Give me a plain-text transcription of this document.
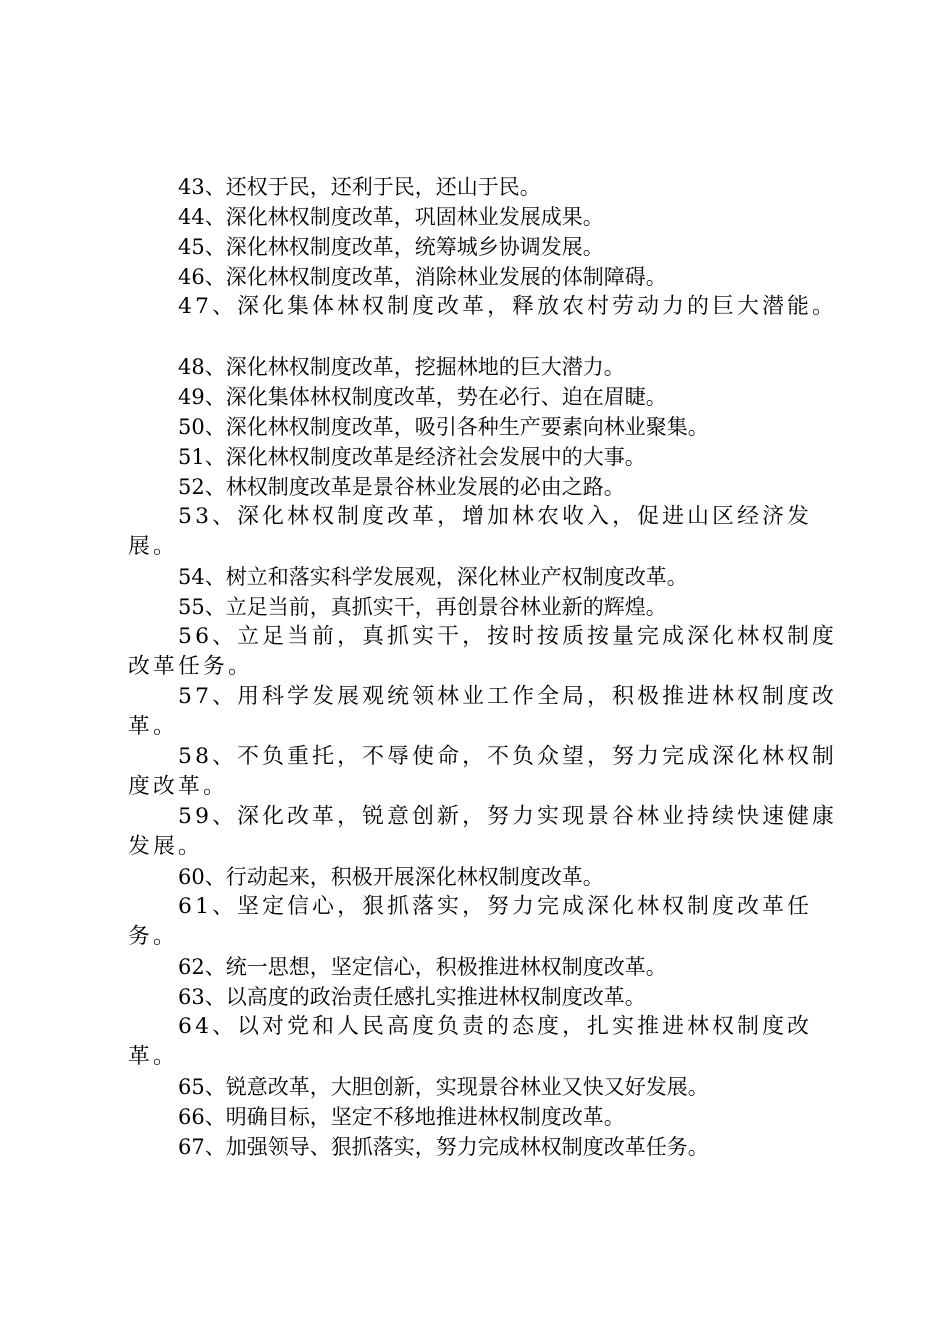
43、还权于民，还利于民，还山于民。

44、深化林权制度改革，巩固林业发展成果。

45、深化林权制度改革，统筹城乡协调发展。

46、深化林权制度改革，消除林业发展的体制障碍。

47、深化集体林权制度改革，释放农村劳动力的巨大潜能。

48、深化林权制度改革，挖掘林地的巨大潜力。

49、深化集体林权制度改革，势在必行、迫在眉睫。

50、深化林权制度改革，吸引各种生产要素向林业聚集。

51、深化林权制度改革是经济社会发展中的大事。

52、林权制度改革是景谷林业发展的必由之路。

53、深化林权制度改革，增加林农收入，促进山区经济发展。

54、树立和落实科学发展观，深化林业产权制度改革。

55、立足当前，真抓实干，再创景谷林业新的辉煌。

56、立足当前，真抓实干，按时按质按量完成深化林权制度改革任务。

57、用科学发展观统领林业工作全局，积极推进林权制度改革。

58、不负重托，不辱使命，不负众望，努力完成深化林权制度改革。

59、深化改革，锐意创新，努力实现景谷林业持续快速健康发展。

60、行动起来，积极开展深化林权制度改革。

61、坚定信心，狠抓落实，努力完成深化林权制度改革任务。

62、统一思想，坚定信心，积极推进林权制度改革。

63、以高度的政治责任感扎实推进林权制度改革。

64、以对党和人民高度负责的态度，扎实推进林权制度改革。

65、锐意改革，大胆创新，实现景谷林业又快又好发展。

66、明确目标，坚定不移地推进林权制度改革。

67、加强领导、狠抓落实，努力完成林权制度改革任务。
